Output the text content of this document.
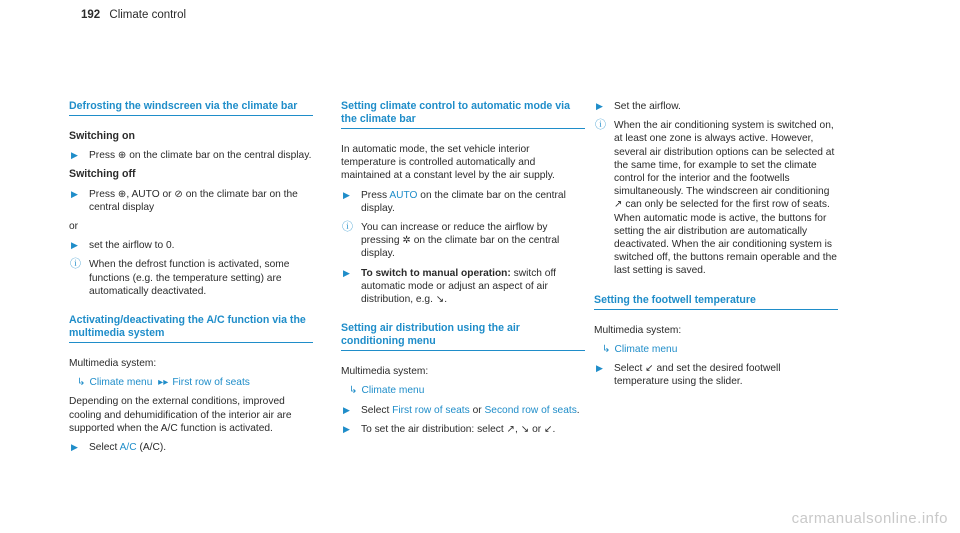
192 Climate control
Defrosting the windscreen via the climate bar
Switching on
▶ Press ⊕ on the climate bar on the central display.
Switching off
▶ Press ⊕, AUTO or ⊘ on the climate bar on the central display

or

▶ set the airflow to 0.
ⓘ When the defrost function is activated, some functions (e.g. the temperature setting) are automatically deactivated.
Activating/deactivating the A/C function via the multimedia system

Multimedia system:

↳ Climate menu  ▸▸ First row of seats

Depending on the external conditions, improved cooling and dehumidification of the interior air are supported when the A/C function is activated.

▶ Select A/C (A/C).
Setting climate control to automatic mode via the climate bar

In automatic mode, the set vehicle interior temperature is controlled automatically and maintained at a constant level by the air supply.

▶ Press AUTO on the climate bar on the central display.
ⓘ You can increase or reduce the airflow by pressing ✲ on the climate bar on the central display.
▶ To switch to manual operation: switch off automatic mode or adjust an aspect of air distribution, e.g. ↘.
Setting air distribution using the air conditioning menu

Multimedia system:

↳ Climate menu
▶ Select First row of seats or Second row of seats.
▶ To set the air distribution: select ↗, ↘ or ↙.
▶ Set the airflow.
ⓘ When the air conditioning system is switched on, at least one zone is always active. However, several air distribution options can be selected at the same time, for example to set the climate control for the interior and the footwells simultaneously. The windscreen air conditioning ↗ can only be selected for the first row of seats. When automatic mode is active, the buttons for setting the air distribution are automatically deactivated. When the air conditioning system is switched off, the buttons remain operable and the last setting is saved.
Setting the footwell temperature

Multimedia system:

↳ Climate menu
▶ Select ↙ and set the desired footwell temperature using the slider.
carmanualsonline.info
